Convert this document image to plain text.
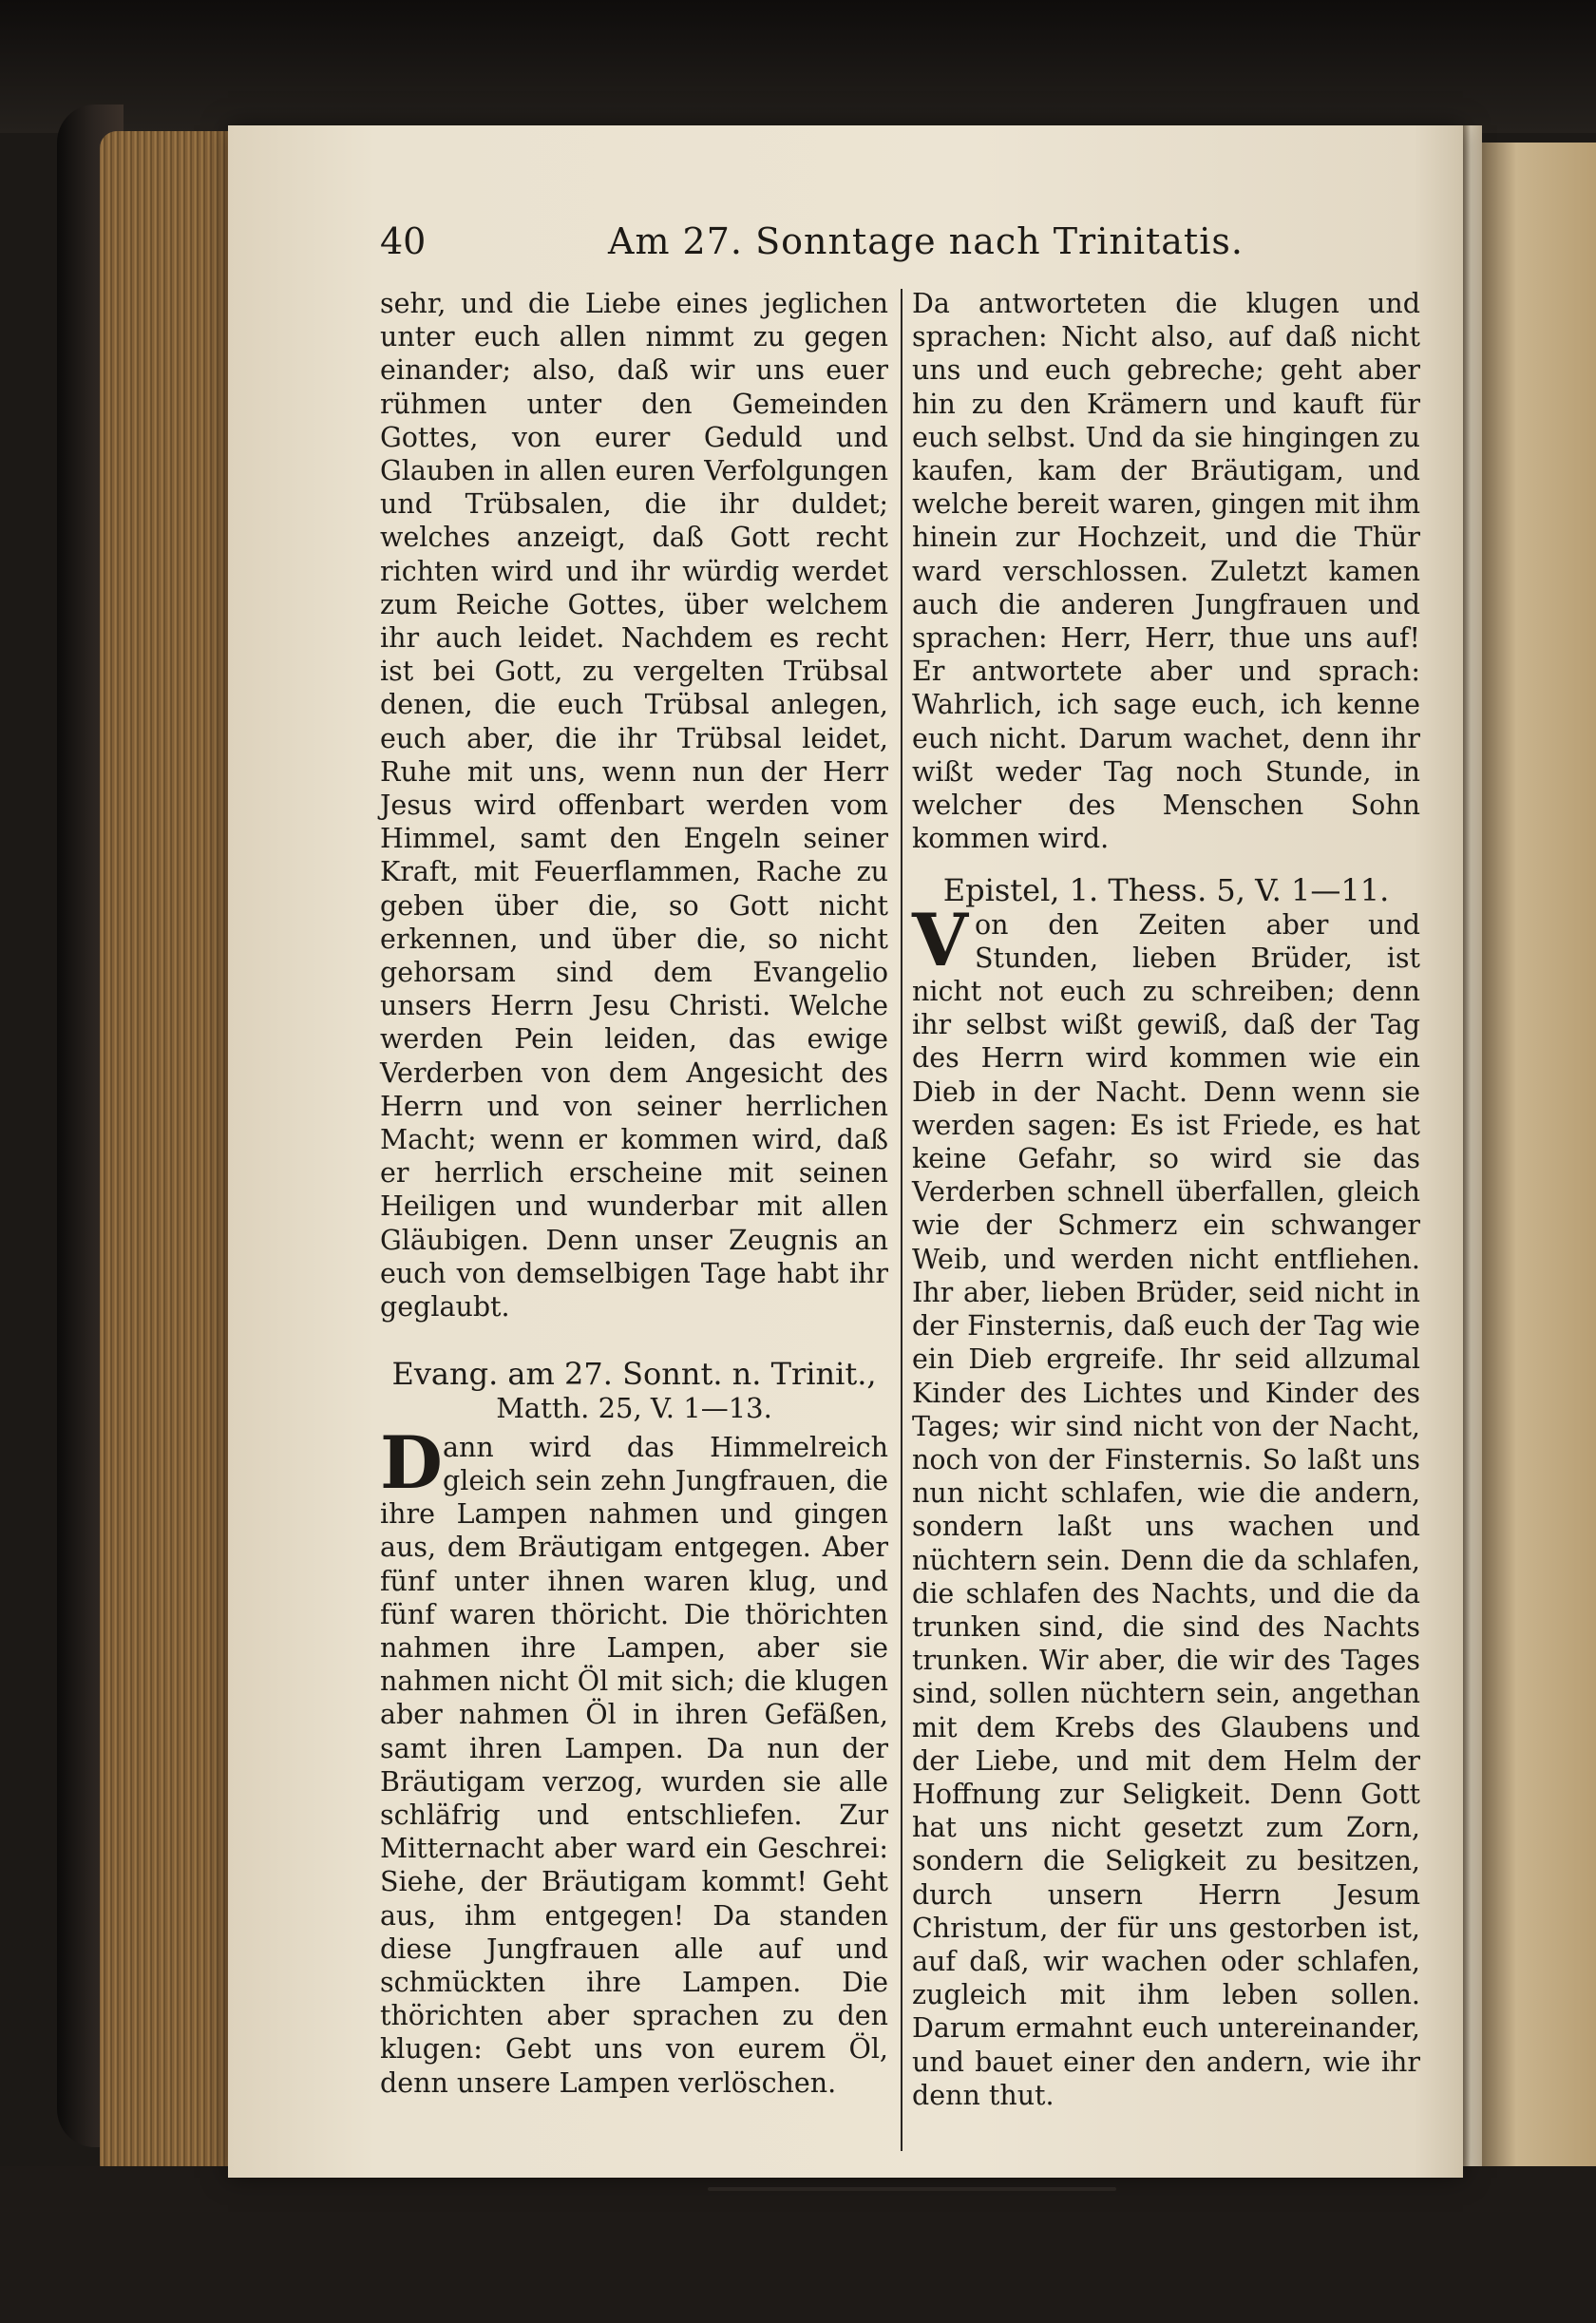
40	Am 27. Sonntage nach Trinitatis.

sehr, und die Liebe eines jeglichen unter euch allen nimmt zu gegen einander; also, daß wir uns euer rühmen unter den Gemeinden Gottes, von eurer Geduld und Glauben in allen euren Verfolgungen und Trübsalen, die ihr duldet; welches anzeigt, daß Gott recht richten wird und ihr würdig werdet zum Reiche Gottes, über welchem ihr auch leidet. Nachdem es recht ist bei Gott, zu vergelten Trübsal denen, die euch Trübsal anlegen, euch aber, die ihr Trübsal leidet, Ruhe mit uns, wenn nun der Herr Jesus wird offenbart werden vom Himmel, samt den Engeln seiner Kraft, mit Feuerflammen, Rache zu geben über die, so Gott nicht erkennen, und über die, so nicht gehorsam sind dem Evangelio unsers Herrn Jesu Christi. Welche werden Pein leiden, das ewige Verderben von dem Angesicht des Herrn und von seiner herrlichen Macht; wenn er kommen wird, daß er herrlich erscheine mit seinen Heiligen und wunderbar mit allen Gläubigen. Denn unser Zeugnis an euch von demselbigen Tage habt ihr geglaubt.

Evang. am 27. Sonnt. n. Trinit.,

Matth. 25, V. 1—13.

Dann wird das Himmelreich gleich sein zehn Jungfrauen, die ihre Lampen nahmen und gingen aus, dem Bräutigam entgegen. Aber fünf unter ihnen waren klug, und fünf waren thöricht. Die thörichten nahmen ihre Lampen, aber sie nahmen nicht Öl mit sich; die klugen aber nahmen Öl in ihren Gefäßen, samt ihren Lampen. Da nun der Bräutigam verzog, wurden sie alle schläfrig und entschliefen. Zur Mitternacht aber ward ein Geschrei: Siehe, der Bräutigam kommt! Geht aus, ihm entgegen! Da standen diese Jungfrauen alle auf und schmückten ihre Lampen. Die thörichten aber sprachen zu den klugen: Gebt uns von eurem Öl, denn unsere Lampen verlöschen.

Da antworteten die klugen und sprachen: Nicht also, auf daß nicht uns und euch gebreche; geht aber hin zu den Krämern und kauft für euch selbst. Und da sie hingingen zu kaufen, kam der Bräutigam, und welche bereit waren, gingen mit ihm hinein zur Hochzeit, und die Thür ward verschlossen. Zuletzt kamen auch die anderen Jungfrauen und sprachen: Herr, Herr, thue uns auf! Er antwortete aber und sprach: Wahrlich, ich sage euch, ich kenne euch nicht. Darum wachet, denn ihr wißt weder Tag noch Stunde, in welcher des Menschen Sohn kommen wird.

Epistel, 1. Thess. 5, V. 1—11.

Von den Zeiten aber und Stunden, lieben Brüder, ist nicht not euch zu schreiben; denn ihr selbst wißt gewiß, daß der Tag des Herrn wird kommen wie ein Dieb in der Nacht. Denn wenn sie werden sagen: Es ist Friede, es hat keine Gefahr, so wird sie das Verderben schnell überfallen, gleich wie der Schmerz ein schwanger Weib, und werden nicht entfliehen. Ihr aber, lieben Brüder, seid nicht in der Finsternis, daß euch der Tag wie ein Dieb ergreife. Ihr seid allzumal Kinder des Lichtes und Kinder des Tages; wir sind nicht von der Nacht, noch von der Finsternis. So laßt uns nun nicht schlafen, wie die andern, sondern laßt uns wachen und nüchtern sein. Denn die da schlafen, die schlafen des Nachts, und die da trunken sind, die sind des Nachts trunken. Wir aber, die wir des Tages sind, sollen nüchtern sein, angethan mit dem Krebs des Glaubens und der Liebe, und mit dem Helm der Hoffnung zur Seligkeit. Denn Gott hat uns nicht gesetzt zum Zorn, sondern die Seligkeit zu besitzen, durch unsern Herrn Jesum Christum, der für uns gestorben ist, auf daß, wir wachen oder schlafen, zugleich mit ihm leben sollen. Darum ermahnt euch untereinander, und bauet einer den andern, wie ihr denn thut.
